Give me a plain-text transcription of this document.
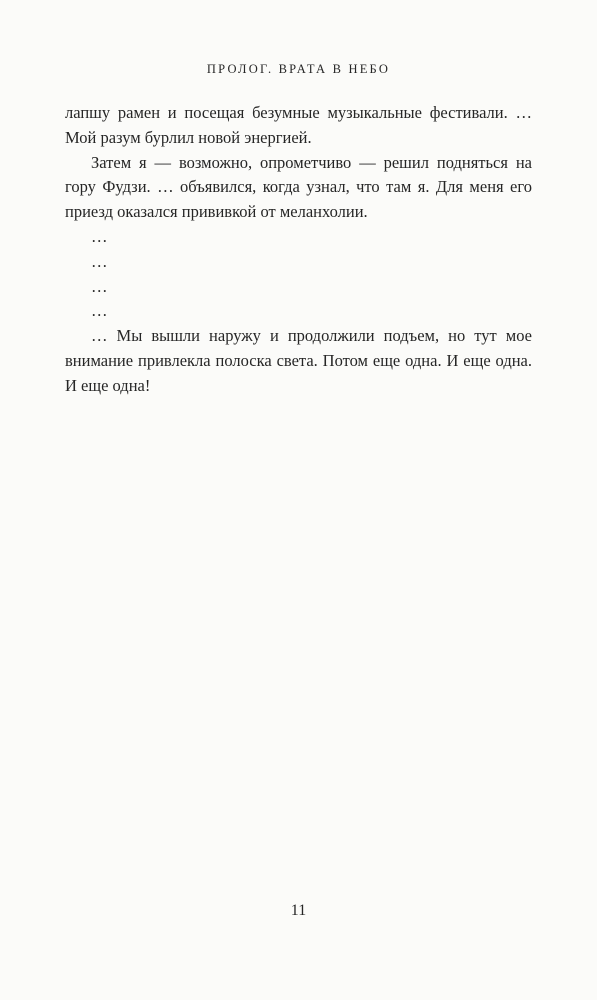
ПРОЛОГ. ВРАТА В НЕБО

лапшу рамен и посещая безумные музыкальные фестивали. … Мой разум бурлил новой энергией.

Затем я — возможно, опрометчиво — решил подняться на гору Фудзи. … объявился, когда узнал, что там я. Для меня его приезд оказался прививкой от меланхолии.

…

…

…

…

… Мы вышли наружу и продолжили подъем, но тут мое внимание привлекла полоска света. Потом еще одна. И еще одна. И еще одна!

11
